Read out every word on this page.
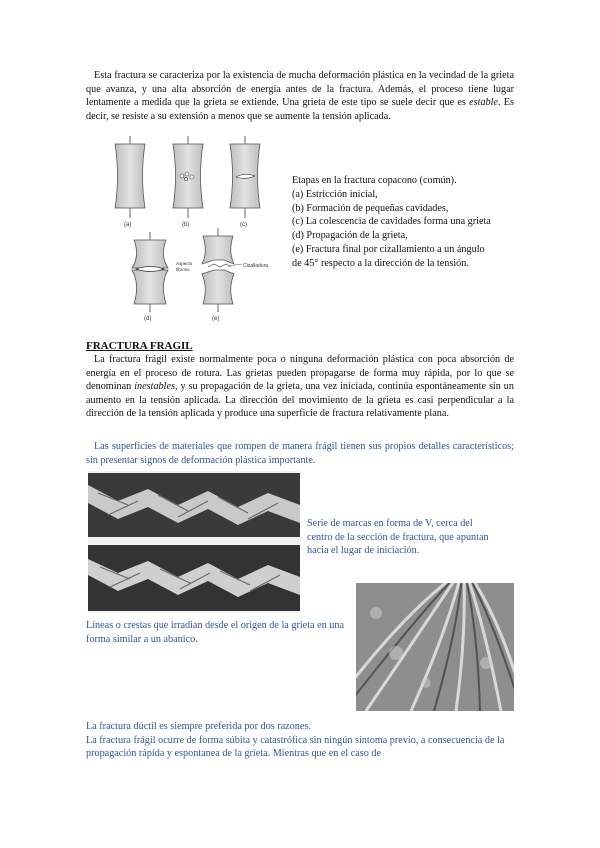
Esta fractura se caracteriza por la existencia de mucha deformación plástica en la vecindad de la grieta que avanza, y una alta absorción de energía antes de la fractura. Además, el proceso tiene lugar lentamente a medida que la grieta se extiende. Una grieta de este tipo se suele decir que es estable. Es decir, se resiste a su extensión a menos que se aumente la tensión aplicada.
(a)	(b)	(c)
(d)	(e)
Aspecto
fibroso
Cizalladura
Etapas en la fractura copacono (común).
(a) Estricción inicial,
(b) Formación de pequeñas cavidades,
(c) La colescencia de cavidades forma una grieta
(d) Propagación de la grieta,
(e) Fractura final por cizallamiento a un ángulo
de 45° respecto a la dirección de la tensión.
FRACTURA FRAGIL
La fractura frágil existe normalmente poca o ninguna deformación plástica con poca absorción de energía en el proceso de rotura. Las grietas pueden propagarse de forma muy rápida, por lo que se denominan inestables, y su propagación de la grieta, una vez iniciada, continúa espontáneamente sin un aumento en la tensión aplicada. La dirección del movimiento de la grieta es casi perpendicular a la dirección de la tensión aplicada y produce una superficie de fractura relativamente plana.
Las superficies de materiales que rompen de manera frágil tienen sus propios detalles característicos; sin presentar signos de deformación plástica importante.
Serie de marcas en forma de V, cerca del centro de la sección de fractura, que apuntan hacia el lugar de iniciación.
Líneas o crestas que irradian desde el origen de la grieta en una forma similar a un abanico.
La fractura dúctil es siempre preferida por dos razones.
La fractura frágil ocurre de forma súbita y catastrófica sin ningún síntoma previo, a consecuencia de la propagación rápida y espontanea de la grieta. Mientras que en el caso de
